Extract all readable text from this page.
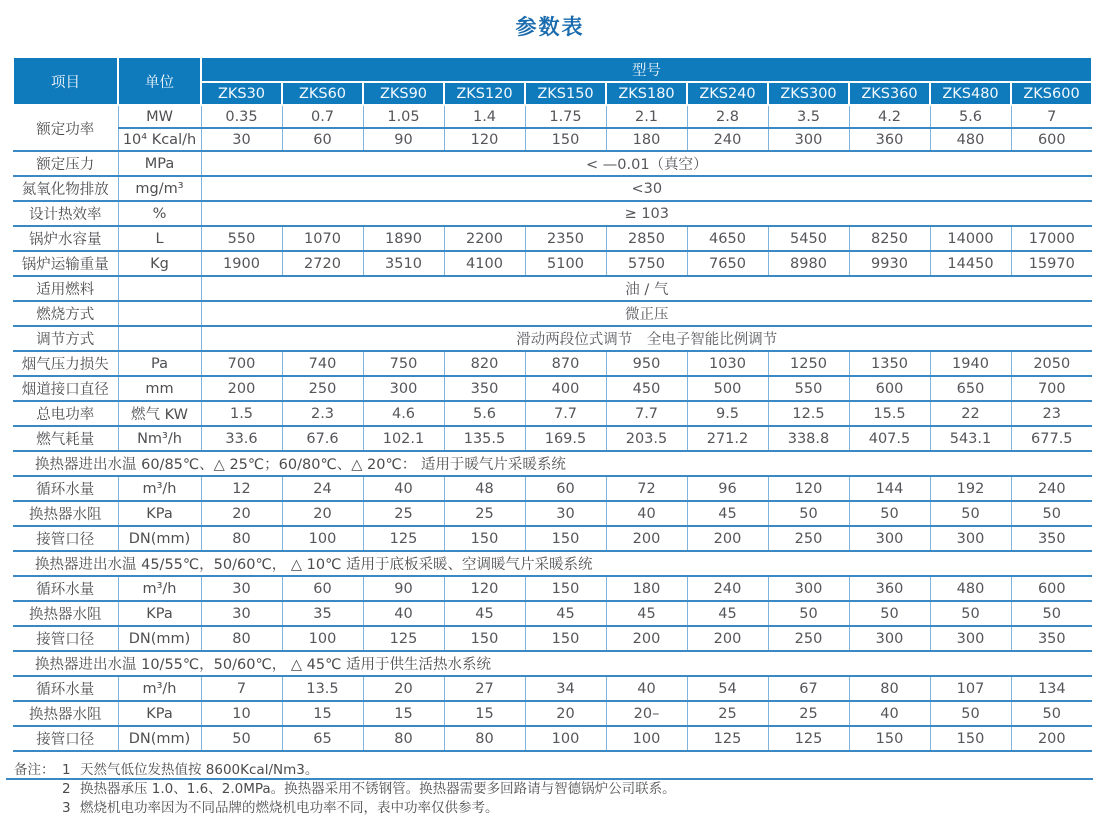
参数表
项目	单位	型号										
		ZKS30	ZKS60	ZKS90	ZKS120	ZKS150	ZKS180	ZKS240	ZKS300	ZKS360	ZKS480	ZKS600
额定功率	MW	0.35	0.7	1.05	1.4	1.75	2.1	2.8	3.5	4.2	5.6	7
	10⁴ Kcal/h	30	60	90	120	150	180	240	300	360	480	600
额定压力	MPa	< —0.01（真空）										
氮氧化物排放	mg/m³	<30										
设计热效率	%	≥ 103										
锅炉水容量	L	550	1070	1890	2200	2350	2850	4650	5450	8250	14000	17000
锅炉运输重量	Kg	1900	2720	3510	4100	5100	5750	7650	8980	9930	14450	15970
适用燃料		油 / 气										
燃烧方式		微正压										
调节方式		滑动两段位式调节　全电子智能比例调节										
烟气压力损失	Pa	700	740	750	820	870	950	1030	1250	1350	1940	2050
烟道接口直径	mm	200	250	300	350	400	450	500	550	600	650	700
总电功率	燃气 KW	1.5	2.3	4.6	5.6	7.7	7.7	9.5	12.5	15.5	22	23
燃气耗量	Nm³/h	33.6	67.6	102.1	135.5	169.5	203.5	271.2	338.8	407.5	543.1	677.5
换热器进出水温 60/85℃、△ 25℃；60/80℃、△ 20℃： 适用于暖气片采暖系统												
循环水量	m³/h	12	24	40	48	60	72	96	120	144	192	240
换热器水阻	KPa	20	20	25	25	30	40	45	50	50	50	50
接管口径	DN(mm)	80	100	125	150	150	200	200	250	300	300	350
换热器进出水温 45/55℃，50/60℃， △ 10℃ 适用于底板采暖、空调暖气片采暖系统												
循环水量	m³/h	30	60	90	120	150	180	240	300	360	480	600
换热器水阻	KPa	30	35	40	45	45	45	45	50	50	50	50
接管口径	DN(mm)	80	100	125	150	150	200	200	250	300	300	350
换热器进出水温 10/55℃，50/60℃， △ 45℃ 适用于供生活热水系统												
循环水量	m³/h	7	13.5	20	27	34	40	54	67	80	107	134
换热器水阻	KPa	10	15	15	15	20	20–	25	25	40	50	50
接管口径	DN(mm)	50	65	80	80	100	100	125	125	150	150	200
备注： 1 天然气低位发热值按 8600Kcal/Nm3。
2 换热器承压 1.0、1.6、2.0MPa。换热器采用不锈钢管。换热器需要多回路请与智德锅炉公司联系。
3 燃烧机电功率因为不同品牌的燃烧机电功率不同，表中功率仅供参考。
